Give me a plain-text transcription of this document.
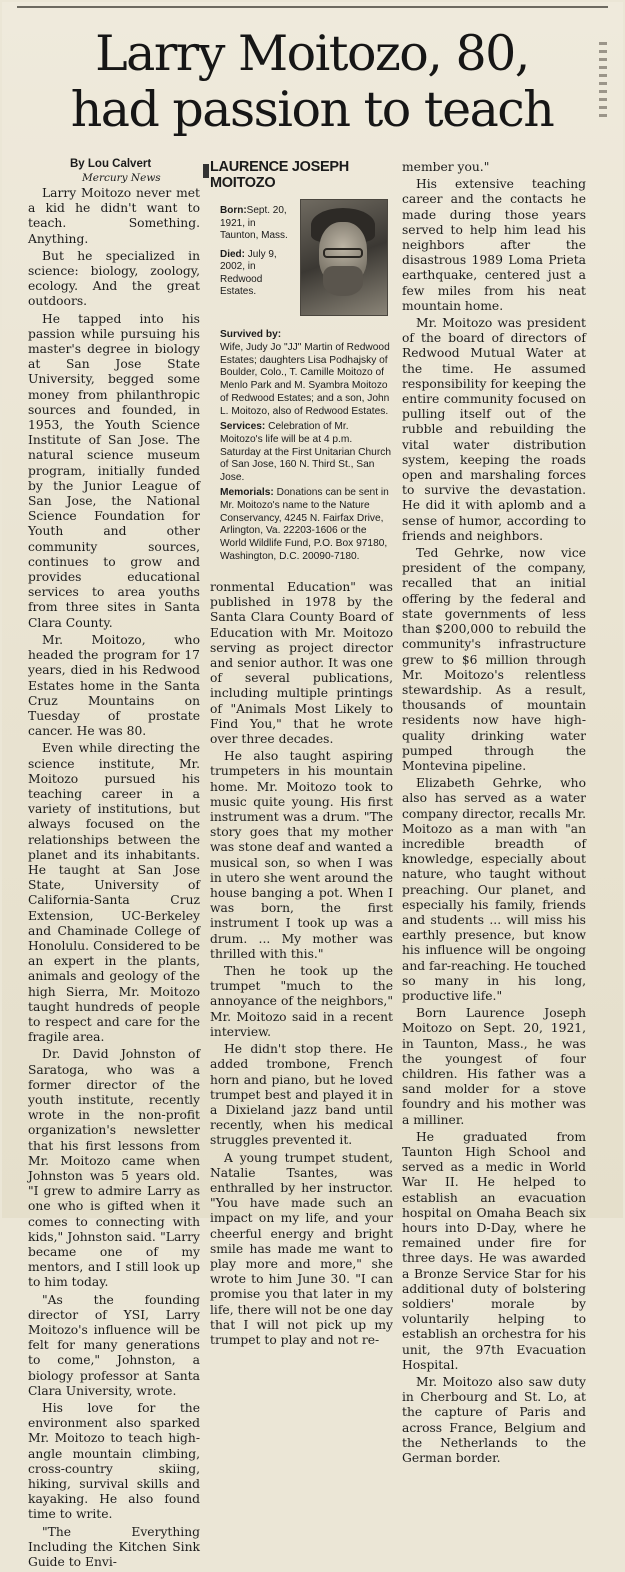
Larry Moitozo, 80,
had passion to teach
By Lou Calvert
Mercury News

Larry Moitozo never met a kid he didn't want to teach. Something. Anything.

But he specialized in science: biology, zoology, ecology. And the great outdoors.

He tapped into his passion while pursuing his master's degree in biology at San Jose State University, begged some money from philanthropic sources and founded, in 1953, the Youth Science Institute of San Jose. The natural science museum program, initially funded by the Junior League of San Jose, the National Science Foundation for Youth and other community sources, continues to grow and provides educational services to area youths from three sites in Santa Clara County.

Mr. Moitozo, who headed the program for 17 years, died in his Redwood Estates home in the Santa Cruz Mountains on Tuesday of prostate cancer. He was 80.

Even while directing the science institute, Mr. Moitozo pursued his teaching career in a variety of institutions, but always focused on the relationships between the planet and its inhabitants. He taught at San Jose State, University of California-Santa Cruz Extension, UC-Berkeley and Chaminade College of Honolulu. Considered to be an expert in the plants, animals and geology of the high Sierra, Mr. Moitozo taught hundreds of people to respect and care for the fragile area.

Dr. David Johnston of Saratoga, who was a former director of the youth institute, recently wrote in the non-profit organization's newsletter that his first lessons from Mr. Moitozo came when Johnston was 5 years old. "I grew to admire Larry as one who is gifted when it comes to connecting with kids," Johnston said. "Larry became one of my mentors, and I still look up to him today.

"As the founding director of YSI, Larry Moitozo's influence will be felt for many generations to come," Johnston, a biology professor at Santa Clara University, wrote.

His love for the environment also sparked Mr. Moitozo to teach high-angle mountain climbing, cross-country skiing, hiking, survival skills and kayaking. He also found time to write.

"The Everything Including the Kitchen Sink Guide to Envi-

LAURENCE JOSEPH
MOITOZO
Born:Sept. 20, 1921, in Taunton, Mass.
Died: July 9, 2002, in Redwood Estates.
Survived by:
Wife, Judy Jo "JJ" Martin of Redwood Estates; daughters Lisa Podhajsky of Boulder, Colo., T. Camille Moitozo of Menlo Park and M. Syambra Moitozo of Redwood Estates; and a son, John L. Moitozo, also of Redwood Estates.
Services: Celebration of Mr. Moitozo's life will be at 4 p.m. Saturday at the First Unitarian Church of San Jose, 160 N. Third St., San Jose.
Memorials: Donations can be sent in Mr. Moitozo's name to the Nature Conservancy, 4245 N. Fairfax Drive, Arlington, Va. 22203-1606 or the World Wildlife Fund, P.O. Box 97180, Washington, D.C. 20090-7180.

ronmental Education" was published in 1978 by the Santa Clara County Board of Education with Mr. Moitozo serving as project director and senior author. It was one of several publications, including multiple printings of "Animals Most Likely to Find You," that he wrote over three decades.

He also taught aspiring trumpeters in his mountain home. Mr. Moitozo took to music quite young. His first instrument was a drum. "The story goes that my mother was stone deaf and wanted a musical son, so when I was in utero she went around the house banging a pot. When I was born, the first instrument I took up was a drum. ... My mother was thrilled with this."

Then he took up the trumpet "much to the annoyance of the neighbors," Mr. Moitozo said in a recent interview.

He didn't stop there. He added trombone, French horn and piano, but he loved trumpet best and played it in a Dixieland jazz band until recently, when his medical struggles prevented it.

A young trumpet student, Natalie Tsantes, was enthralled by her instructor. "You have made such an impact on my life, and your cheerful energy and bright smile has made me want to play more and more," she wrote to him June 30. "I can promise you that later in my life, there will not be one day that I will not pick up my trumpet to play and not re-

member you."

His extensive teaching career and the contacts he made during those years served to help him lead his neighbors after the disastrous 1989 Loma Prieta earthquake, centered just a few miles from his neat mountain home.

Mr. Moitozo was president of the board of directors of Redwood Mutual Water at the time. He assumed responsibility for keeping the entire community focused on pulling itself out of the rubble and rebuilding the vital water distribution system, keeping the roads open and marshaling forces to survive the devastation. He did it with aplomb and a sense of humor, according to friends and neighbors.

Ted Gehrke, now vice president of the company, recalled that an initial offering by the federal and state governments of less than $200,000 to rebuild the community's infrastructure grew to $6 million through Mr. Moitozo's relentless stewardship. As a result, thousands of mountain residents now have high-quality drinking water pumped through the Montevina pipeline.

Elizabeth Gehrke, who also has served as a water company director, recalls Mr. Moitozo as a man with "an incredible breadth of knowledge, especially about nature, who taught without preaching. Our planet, and especially his family, friends and students ... will miss his earthly presence, but know his influence will be ongoing and far-reaching. He touched so many in his long, productive life."

Born Laurence Joseph Moitozo on Sept. 20, 1921, in Taunton, Mass., he was the youngest of four children. His father was a sand molder for a stove foundry and his mother was a milliner.

He graduated from Taunton High School and served as a medic in World War II. He helped to establish an evacuation hospital on Omaha Beach six hours into D-Day, where he remained under fire for three days. He was awarded a Bronze Service Star for his additional duty of bolstering soldiers' morale by voluntarily helping to establish an orchestra for his unit, the 97th Evacuation Hospital.

Mr. Moitozo also saw duty in Cherbourg and St. Lo, at the capture of Paris and across France, Belgium and the Netherlands to the German border.
